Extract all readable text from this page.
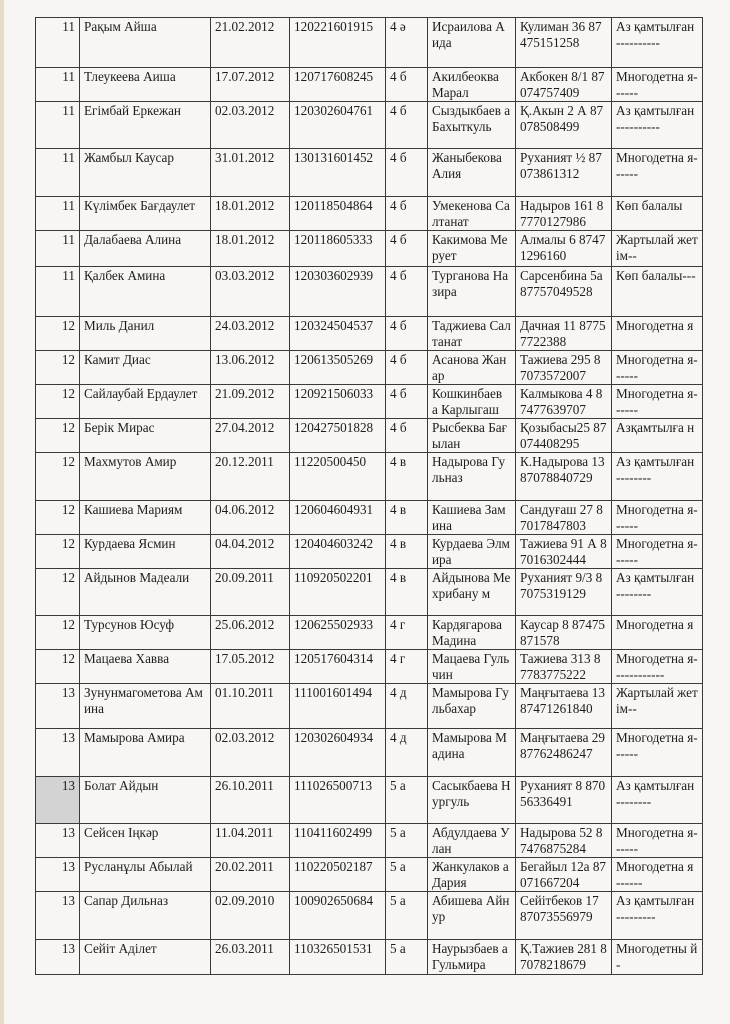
11	Рақым Айша	21.02.2012	120221601915	4 ә	Исраилова Аида	Кулиман 36 87475151258	Аз қамтылған----------
11	Тлеукеева Аиша	17.07.2012	120717608245	4 б	Акилбеоква Марал	Акбокен 8/1 87074757409	Многодетна я------
11	Егімбай Еркежан	02.03.2012	120302604761	4 б	Сыздыкбаев а Бахыткуль	Қ.Акын 2 А 87078508499	Аз қамтылған----------
11	Жамбыл Каусар	31.01.2012	130131601452	4 б	Жаныбекова Алия	Руханият ½ 87073861312	Многодетна я------
11	Күлімбек Бағдаулет	18.01.2012	120118504864	4 б	Умекенова Салтанат	Надыров 161 87770127986	Көп балалы
11	Далабаева Алина	18.01.2012	120118605333	4 б	Какимова Мерует	Алмалы 6 87471296160	Жартылай жетім--
11	Қалбек Амина	03.03.2012	120303602939	4 б	Турганова Назира	Сарсенбина 5а 87757049528	Көп балалы---
12	Миль Данил	24.03.2012	120324504537	4 б	Таджиева Салтанат	Дачная 11 87757722388	Многодетна я
12	Камит Диас	13.06.2012	120613505269	4 б	Асанова Жанар	Тажиева 295 87073572007	Многодетна я------
12	Сайлаубай Ердаулет	21.09.2012	120921506033	4 б	Кошкинбаев а Карлыгаш	Калмыкова 4 87477639707	Многодетна я------
12	Берік Мирас	27.04.2012	120427501828	4 б	Рысбеква Бағылан	Қозыбасы25 87074408295	Азқамтылға н
12	Махмутов Амир	20.12.2011	11220500450	4 в	Надырова Гульназ	К.Надырова 13 87078840729	Аз қамтылған--------
12	Кашиева Мариям	04.06.2012	120604604931	4 в	Кашиева Замина	Сандуғаш 27 87017847803	Многодетна я------
12	Курдаева Ясмин	04.04.2012	120404603242	4 в	Курдаева Элмира	Тажиева 91 А 87016302444	Многодетна я------
12	Айдынов Мадеали	20.09.2011	110920502201	4 в	Айдынова Мехрибану м	Руханият 9/3 87075319129	Аз қамтылған--------
12	Турсунов Юсуф	25.06.2012	120625502933	4 г	Кардягарова Мадина	Каусар 8 87475871578	Многодетна я
12	Мацаева Хавва	17.05.2012	120517604314	4 г	Мацаева Гульчин	Тажиева 313 87783775222	Многодетна я------------
13	Зунунмагометова Амина	01.10.2011	111001601494	4 д	Мамырова Гульбахар	Маңғытаева 13 87471261840	Жартылай жетім--
13	Мамырова Амира	02.03.2012	120302604934	4 д	Мамырова Мадина	Маңғытаева 29 87762486247	Многодетна я------
13	Болат Айдын	26.10.2011	111026500713	5 а	Сасыкбаева Нургуль	Руханият 8 87056336491	Аз қамтылған--------
13	Сейсен Іңкәр	11.04.2011	110411602499	5 а	Абдулдаева Улан	Надырова 52 87476875284	Многодетна я------
13	Русланұлы Абылай	20.02.2011	110220502187	5 а	Жанкулаков а Дария	Бегайыл 12а 87071667204	Многодетна я ------
13	Сапар Дильназ	02.09.2010	100902650684	5 а	Абишева Айнур	Сейітбеков 17 87073556979	Аз қамтылған---------
13	Сейіт Аділет	26.03.2011	110326501531	5 а	Наурызбаев а Гульмира	Қ.Тажиев 281 87078218679	Многодетны й -
